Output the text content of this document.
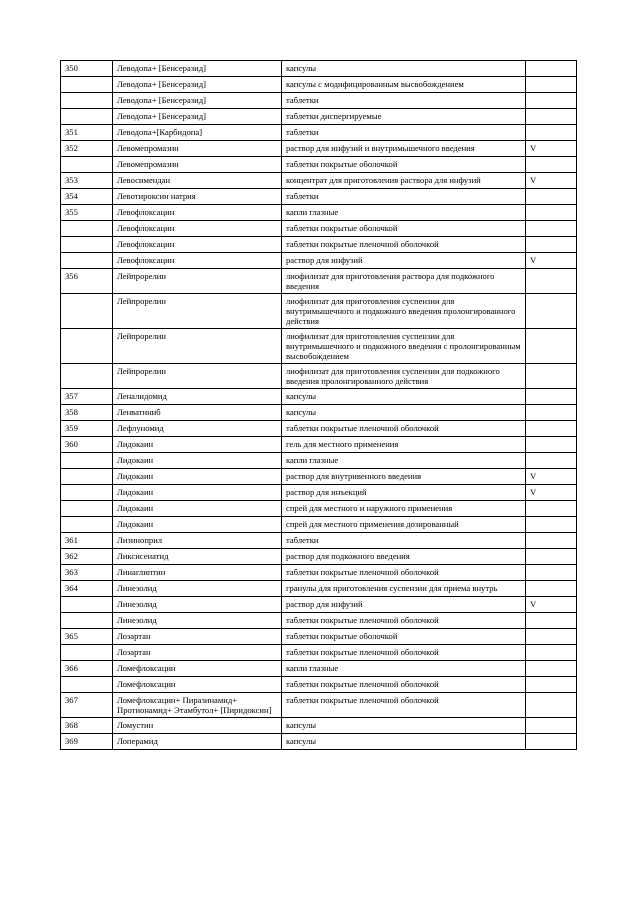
350	Леводопа+ [Бенсеразид]	капсулы	
	Леводопа+ [Бенсеразид]	капсулы с модифицированным высвобождением	
	Леводопа+ [Бенсеразид]	таблетки	
	Леводопа+ [Бенсеразид]	таблетки диспергируемые	
351	Леводопа+[Карбидопа]	таблетки	
352	Левомепромазин	раствор для инфузий и внутримышечного введения	V
	Левомепромазин	таблетки покрытые оболочкой	
353	Левосимендан	концентрат для приготовления раствора для инфузий	V
354	Левотироксин натрия	таблетки	
355	Левофлоксацин	капли глазные	
	Левофлоксацин	таблетки покрытые оболочкой	
	Левофлоксацин	таблетки покрытые пленочной оболочкой	
	Левофлоксацин	раствор для инфузий	V
356	Лейпрорелин	лиофилизат для приготовления раствора для подкожного введения	
	Лейпрорелин	лиофилизат для приготовления суспензии для внутримышечного и подкожного введения пролонгированного действия	
	Лейпрорелин	лиофилизат для приготовления суспензии для внутримышечного и подкожного введения с пролонгированным высвобождением	
	Лейпрорелин	лиофилизат для приготовления суспензии для подкожного введения пролонгированного действия	
357	Леналидомид	капсулы	
358	Ленватиниб	капсулы	
359	Лефлуномид	таблетки покрытые пленочной оболочкой	
360	Лидокаин	гель для местного применения	
	Лидокаин	капли глазные	
	Лидокаин	раствор для внутривенного введения	V
	Лидокаин	раствор для инъекций	V
	Лидокаин	спрей для местного и наружного применения	
	Лидокаин	спрей для местного применения дозированный	
361	Лизиноприл	таблетки	
362	Ликсисенатид	раствор для подкожного введения	
363	Линаглиптин	таблетки покрытые пленочной оболочкой	
364	Линезолид	гранулы для приготовления суспензии для приема внутрь	
	Линезолид	раствор для инфузий	V
	Линезолид	таблетки покрытые пленочной оболочкой	
365	Лозартан	таблетки покрытые оболочкой	
	Лозартан	таблетки покрытые пленочной оболочкой	
366	Ломефлоксацин	капли глазные	
	Ломефлоксацин	таблетки покрытые пленочной оболочкой	
367	Ломефлоксацин+ Пиразинамид+ Протионамид+ Этамбутол+ [Пиридоксин]	таблетки покрытые пленочной оболочкой	
368	Ломустин	капсулы	
369	Лоперамид	капсулы	
